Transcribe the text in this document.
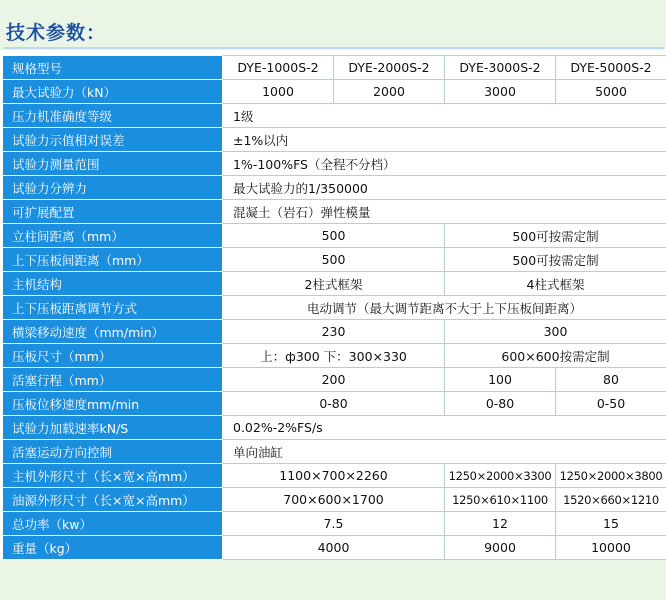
技术参数：
规格型号	DYE-1000S-2	DYE-2000S-2	DYE-3000S-2	DYE-5000S-2
最大试验力（kN）	1000	2000	3000	5000
压力机准确度等级	1级			
试验力示值相对误差	±1%以内			
试验力测量范围	1%-100%FS（全程不分档）			
试验力分辨力	最大试验力的1/350000			
可扩展配置	混凝土（岩石）弹性模量			
立柱间距离（mm）	500		500可按需定制	
上下压板间距离（mm）	500		500可按需定制	
主机结构	2柱式框架		4柱式框架	
上下压板距离调节方式	电动调节（最大调节距离不大于上下压板间距离）			
横梁移动速度（mm/min）	230		300	
压板尺寸（mm）	上：ф300 下：300×330		600×600按需定制	
活塞行程（mm）	200		100	80
压板位移速度mm/min	0-80		0-80	0-50
试验力加载速率kN/S	0.02%-2%FS/s			
活塞运动方向控制	单向油缸			
主机外形尺寸（长×宽×高mm）	1100×700×2260		1250×2000×3300	1250×2000×3800
油源外形尺寸（长×宽×高mm）	700×600×1700		1250×610×1100	1520×660×1210
总功率（kw）	7.5		12	15
重量（kg）	4000		9000	10000
